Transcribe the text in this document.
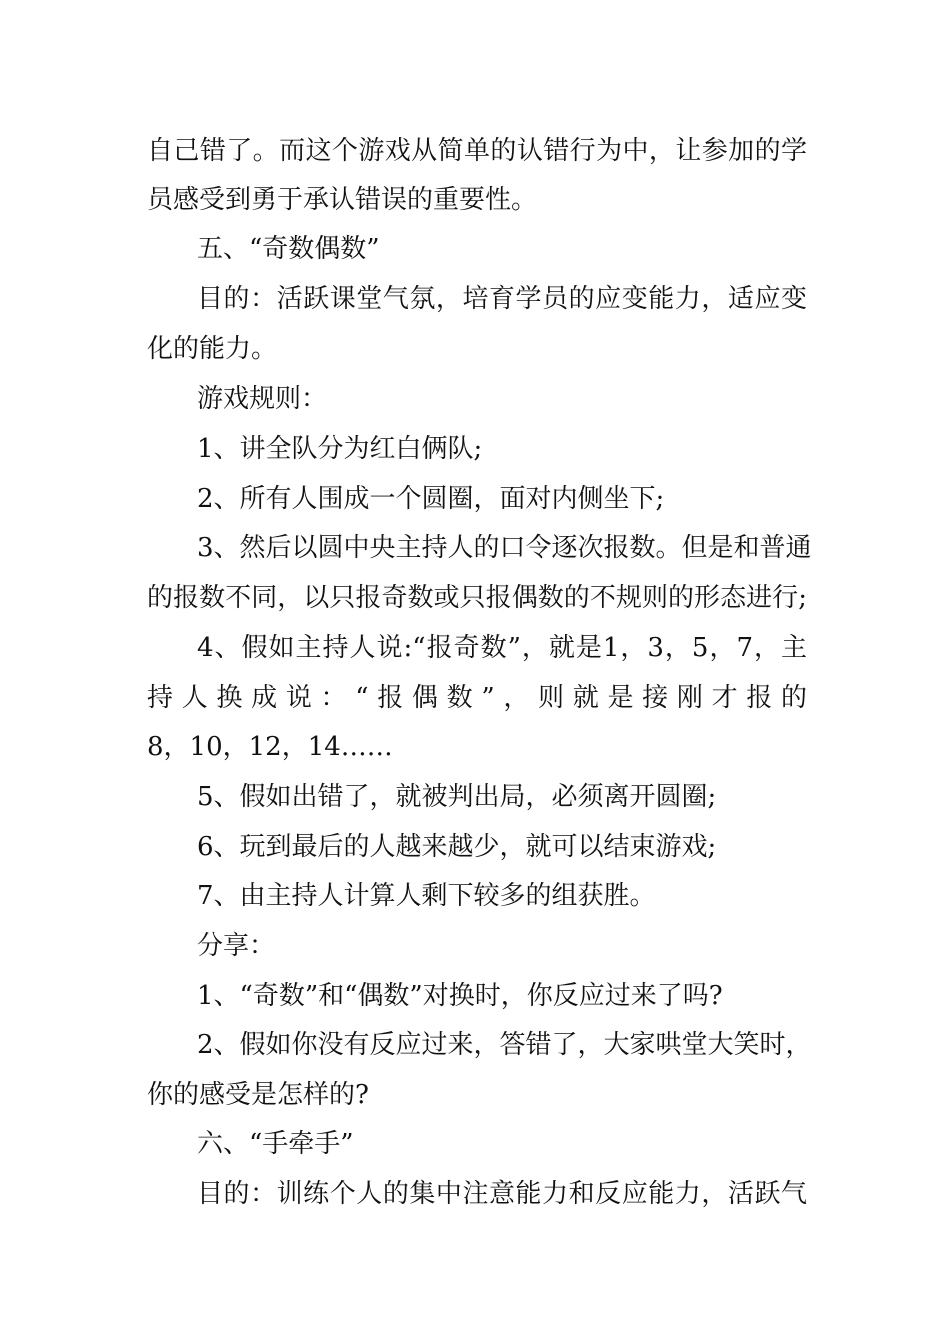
自己错了。而这个游戏从简单的认错行为中，让参加的学
员感受到勇于承认错误的重要性。
五、“奇数偶数”
目的：活跃课堂气氛，培育学员的应变能力，适应变
化的能力。
游戏规则：
1、讲全队分为红白俩队;
2、所有人围成一个圆圈，面对内侧坐下;
3、然后以圆中央主持人的口令逐次报数。但是和普通
的报数不同，以只报奇数或只报偶数的不规则的形态进行;
4、假如主持人说:“报奇数”，就是1，3，5，7，主
持人换成说：“报偶数”，则就是接刚才报的
8，10，12，14……
5、假如出错了，就被判出局，必须离开圆圈;
6、玩到最后的人越来越少，就可以结束游戏;
7、由主持人计算人剩下较多的组获胜。
分享：
1、“奇数”和“偶数”对换时，你反应过来了吗?
2、假如你没有反应过来，答错了，大家哄堂大笑时，
你的感受是怎样的?
六、“手牵手”
目的：训练个人的集中注意能力和反应能力，活跃气
